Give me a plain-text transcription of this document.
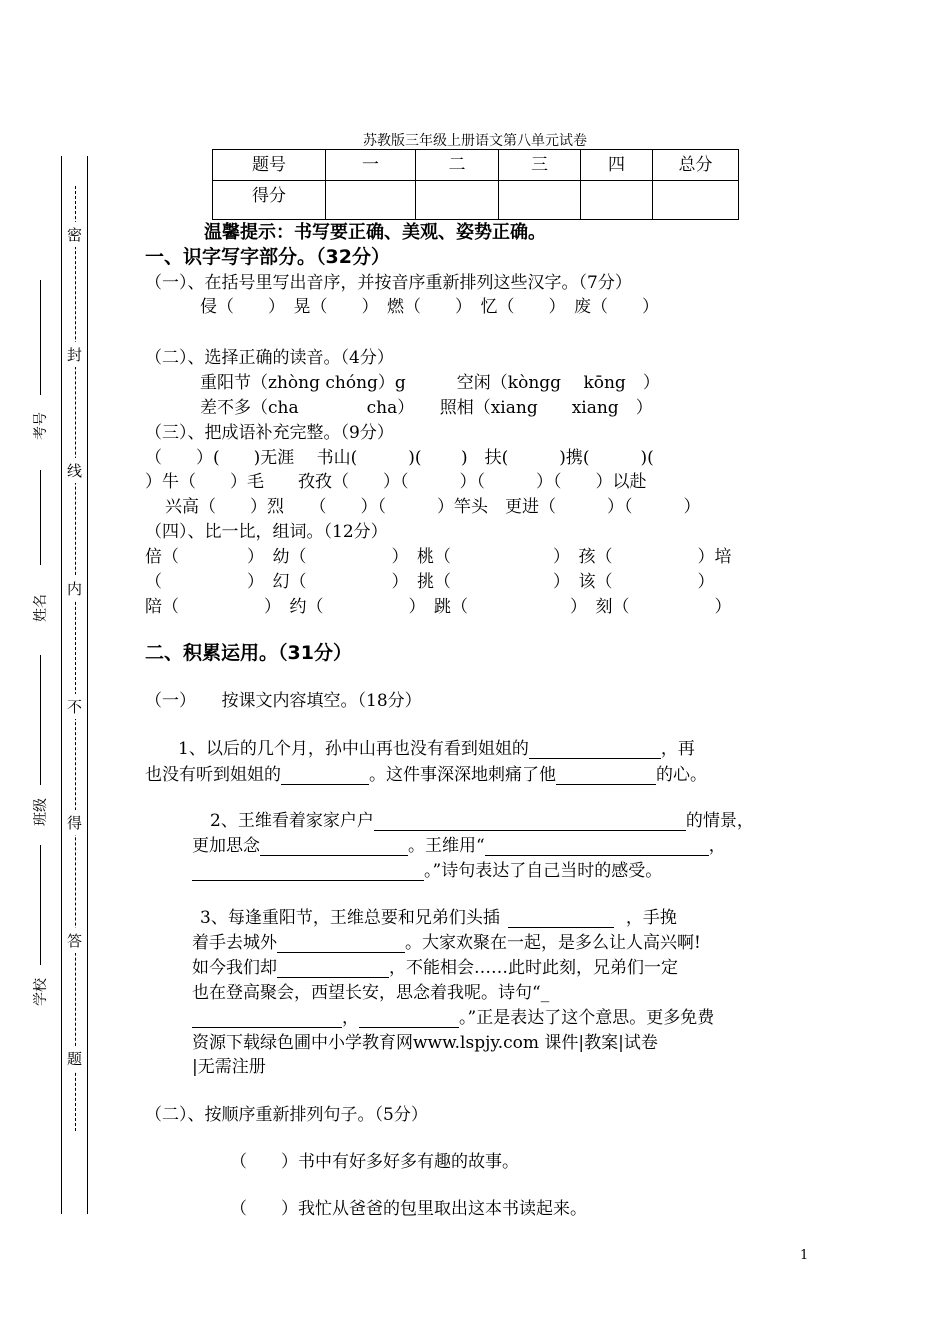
密
封
线
内
不
得
答
题
考号
姓名
班级
学校
苏教版三年级上册语文第八单元试卷
题号	一	二	三	四	总分
得分					
温馨提示：书写要正确、美观、姿势正确。
一、识字写字部分。（32分）
（一）、在括号里写出音序，并按音序重新排列这些汉字。（7分）
侵（　　）　晃（　　）　燃（　　）　忆（　　）　废（　　）
（二）、选择正确的读音。（4分）
重阳节（zhòng chóng）g　　　空闲（kòngg　 kōng　）
差不多（cha　　　　cha）　　照相（xiang　　xiang　）
（三）、把成语补充完整。（9分）
（　　）(　　)无涯　 书山(　　　)(　　 )　扶(　　　)携(　　　)(
）牛（　　）毛　　孜孜（　　）（　　　）（　　　）（　　）以赴
兴高（　　）烈　　（　　）（　　　）竿头　更进（　　　）（　　　）
（四）、比一比，组词。（12分）
倍（　　　　）　幼（　　　　　）　桃（　　　　　　）　孩（　　　　　）培
（　　　　　）　幻（　　　　　）　挑（　　　　　　）　该（　　　　　）
陪（　　　　　）　约（　　　　　）　跳（　　　　　　）　刻（　　　　　）
二、积累运用。（31分）
（一）　　按课文内容填空。（18分）
1、以后的几个月，孙中山再也没有看到姐姐的	，再
也没有听到姐姐的	。这件事深深地刺痛了他	的心。
2、王维看着家家户户	的情景，
更加思念	。王维用“	，
。”诗句表达了自己当时的感受。
3、每逢重阳节，王维总要和兄弟们头插	，手挽
着手去城外	。大家欢聚在一起，是多么让人高兴啊!
如今我们却	，不能相会……此时此刻，兄弟们一定
也在登高聚会，西望长安，思念着我呢。诗句“_
，	。”正是表达了这个意思。更多免费
资源下载绿色圃中小学教育网www.lspjy.com 课件|教案|试卷
|无需注册
（二）、按顺序重新排列句子。（5分）
（　　）书中有好多好多有趣的故事。
（　　）我忙从爸爸的包里取出这本书读起来。
1
